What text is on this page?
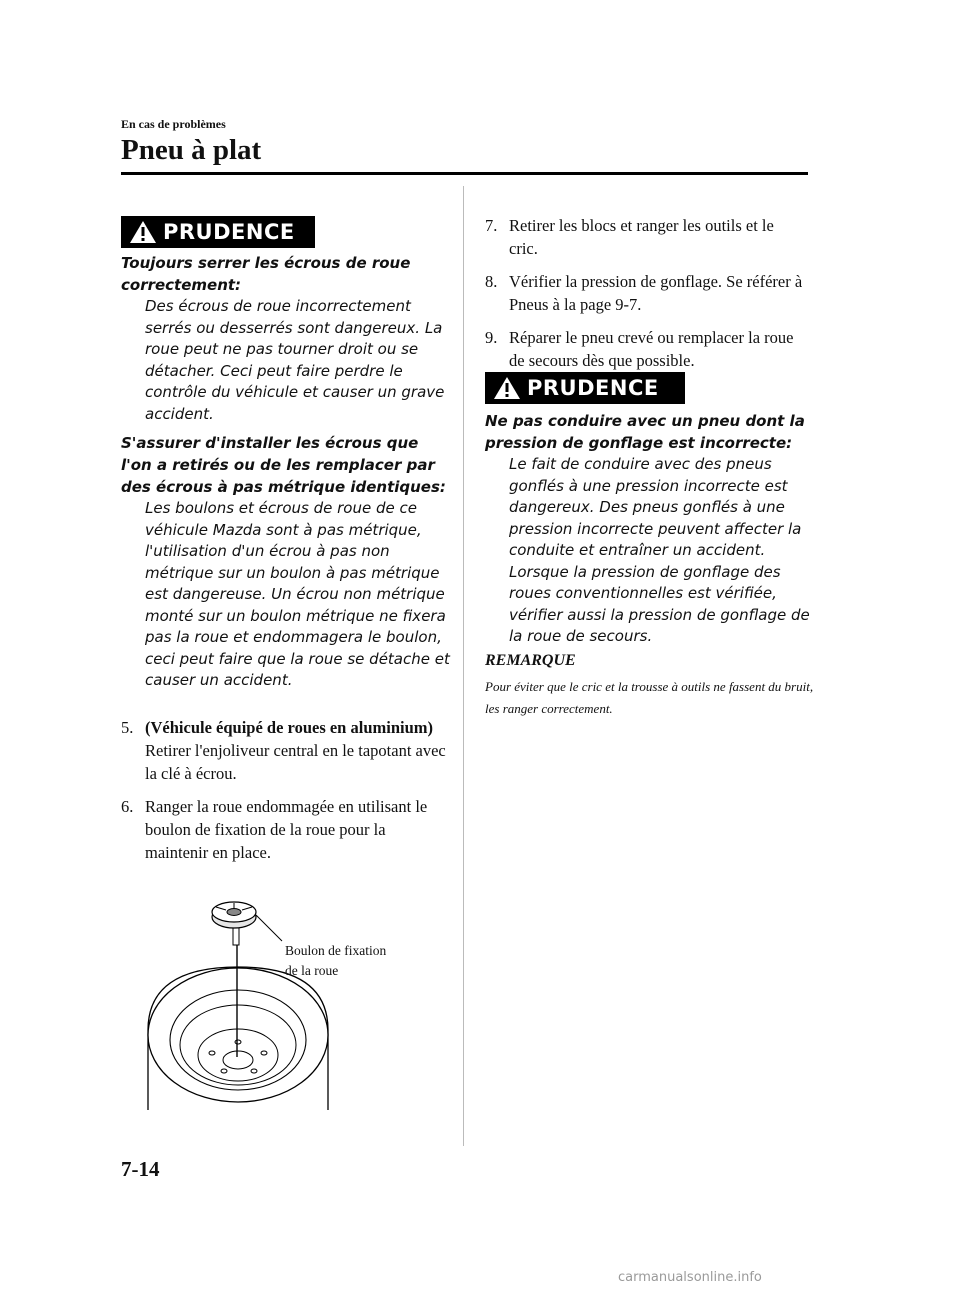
En cas de problèmes
Pneu à plat
PRUDENCE
Toujours serrer les écrous de roue correctement:
Des écrous de roue incorrectement serrés ou desserrés sont dangereux. La roue peut ne pas tourner droit ou se détacher. Ceci peut faire perdre le contrôle du véhicule et causer un grave accident.
S'assurer d'installer les écrous que l'on a retirés ou de les remplacer par des écrous à pas métrique identiques:
Les boulons et écrous de roue de ce véhicule Mazda sont à pas métrique, l'utilisation d'un écrou à pas non métrique sur un boulon à pas métrique est dangereuse. Un écrou non métrique monté sur un boulon métrique ne fixera pas la roue et endommagera le boulon, ceci peut faire que la roue se détache et causer un accident.
5. (Véhicule équipé de roues en aluminium)
Retirer l'enjoliveur central en le tapotant avec la clé à écrou.
6. Ranger la roue endommagée en utilisant le boulon de fixation de la roue pour la maintenir en place.
Boulon de fixation
de la roue
7. Retirer les blocs et ranger les outils et le cric.
8. Vérifier la pression de gonflage. Se référer à Pneus à la page 9-7.
9. Réparer le pneu crevé ou remplacer la roue de secours dès que possible.
PRUDENCE
Ne pas conduire avec un pneu dont la pression de gonflage est incorrecte:
Le fait de conduire avec des pneus gonflés à une pression incorrecte est dangereux. Des pneus gonflés à une pression incorrecte peuvent affecter la conduite et entraîner un accident. Lorsque la pression de gonflage des roues conventionnelles est vérifiée, vérifier aussi la pression de gonflage de la roue de secours.
REMARQUE
Pour éviter que le cric et la trousse à outils ne fassent du bruit, les ranger correctement.
7-14
carmanualsonline.info
